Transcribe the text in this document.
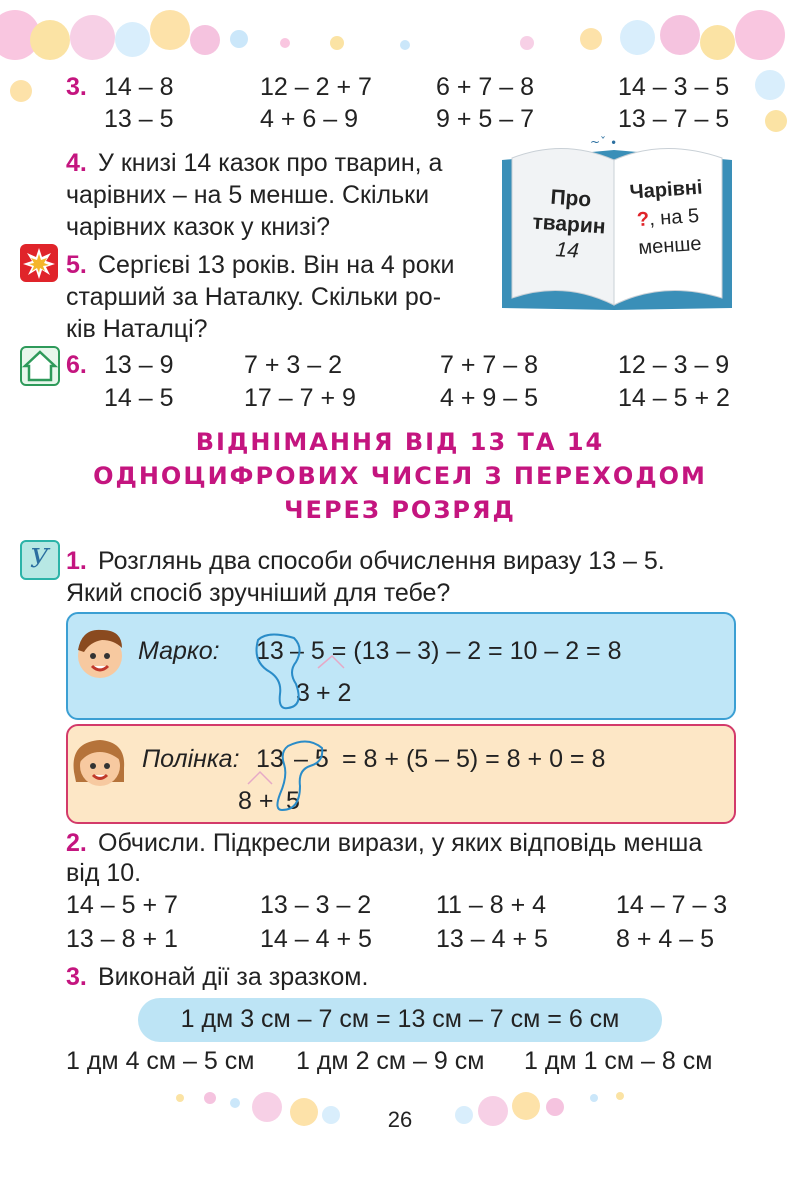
3. 14 – 8	12 – 2 + 7	6 + 7 – 8	14 – 3 – 5
13 – 5	4 + 6 – 9	9 + 5 – 7	13 – 7 – 5
4. У книзі 14 казок про тварин, а
чарівних – на 5 менше. Скільки
чарівних казок у книзі?
5. Сергієві 13 років. Він на 4 роки
старший за Наталку. Скільки ро-
ків Наталці?
~ˇ ∙
Про
тварин
14
Чарівні
?, на 5
менше
6. 13 – 9	7 + 3 – 2	7 + 7 – 8	12 – 3 – 9
14 – 5	17 – 7 + 9	4 + 9 – 5	14 – 5 + 2
ВІДНІМАННЯ ВІД 13 ТА 14
ОДНОЦИФРОВИХ ЧИСЕЛ З ПЕРЕХОДОМ
ЧЕРЕЗ РОЗРЯД
У 1. Розглянь два способи обчислення виразу 13 – 5.
Який спосіб зручніший для тебе?
Марко: 13 – 5 = (13 – 3) – 2 = 10 – 2 = 8
3 + 2
Полінка: 13 – 5 = 8 + (5 – 5) = 8 + 0 = 8
8 + 5
2. Обчисли. Підкресли вирази, у яких відповідь менша
від 10.
14 – 5 + 7	13 – 3 – 2	11 – 8 + 4	14 – 7 – 3
13 – 8 + 1	14 – 4 + 5	13 – 4 + 5	8 + 4 – 5
3. Виконай дії за зразком.
1 дм 3 см – 7 см = 13 см – 7 см = 6 см
1 дм 4 см – 5 см 1 дм 2 см – 9 см 1 дм 1 см – 8 см
26
